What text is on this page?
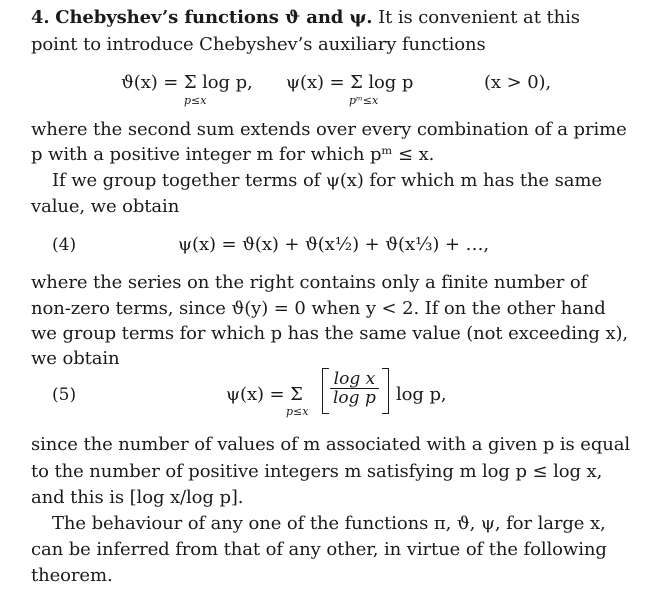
4. Chebyshev’s functions ϑ and ψ. It is convenient at this
point to introduce Chebyshev’s auxiliary functions
ϑ(x) = Σ log p,
p≤x
ψ(x) = Σ log p
pᵐ≤x
(x > 0),
where the second sum extends over every combination of a prime
p with a positive integer m for which pᵐ ≤ x.
If we group together terms of ψ(x) for which m has the same
value, we obtain
(4)	ψ(x) = ϑ(x) + ϑ(x½) + ϑ(x⅓) + …,
where the series on the right contains only a finite number of
non-zero terms, since ϑ(y) = 0 when y < 2. If on the other hand
we group terms for which p has the same value (not exceeding x),
we obtain
(5)	ψ(x) = Σ
p≤x
$\frac{\text{log x}}{\text{log p}}$ log p,
since the number of values of m associated with a given p is equal
to the number of positive integers m satisfying m log p ≤ log x,
and this is [log x/log p].
The behaviour of any one of the functions π, ϑ, ψ, for large x,
can be inferred from that of any other, in virtue of the following
theorem.
